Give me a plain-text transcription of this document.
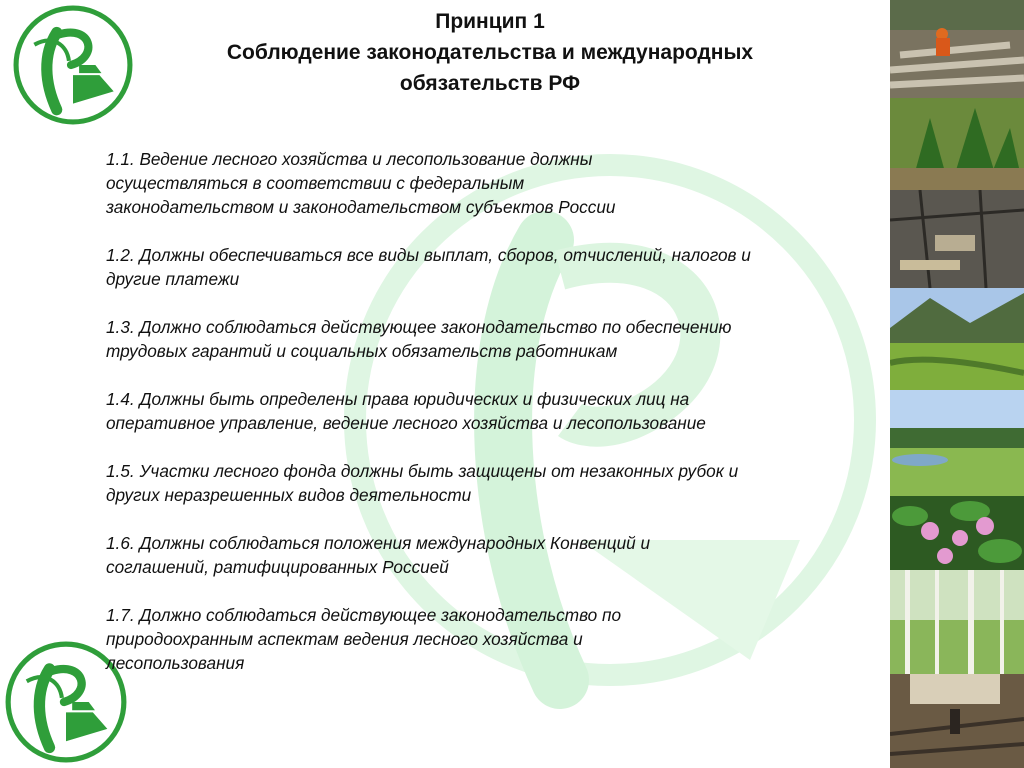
Принцип 1
Соблюдение законодательства и международных
обязательств РФ
1.1. Ведение лесного хозяйства и лесопользование должны
осуществляться в соответствии с федеральным
законодательством и законодательством субъектов России
1.2. Должны обеспечиваться все виды выплат, сборов, отчислений, налогов и
другие платежи
1.3. Должно соблюдаться действующее законодательство по обеспечению
трудовых гарантий и социальных обязательств работникам
1.4. Должны быть определены права юридических и физических лиц на
оперативное управление, ведение лесного хозяйства и лесопользование
1.5. Участки лесного фонда должны быть защищены от незаконных рубок и
других неразрешенных видов деятельности
1.6. Должны соблюдаться положения международных Конвенций и
соглашений, ратифицированных Россией
1.7. Должно соблюдаться действующее законодательство по
природоохранным аспектам ведения лесного хозяйства и
лесопользования
